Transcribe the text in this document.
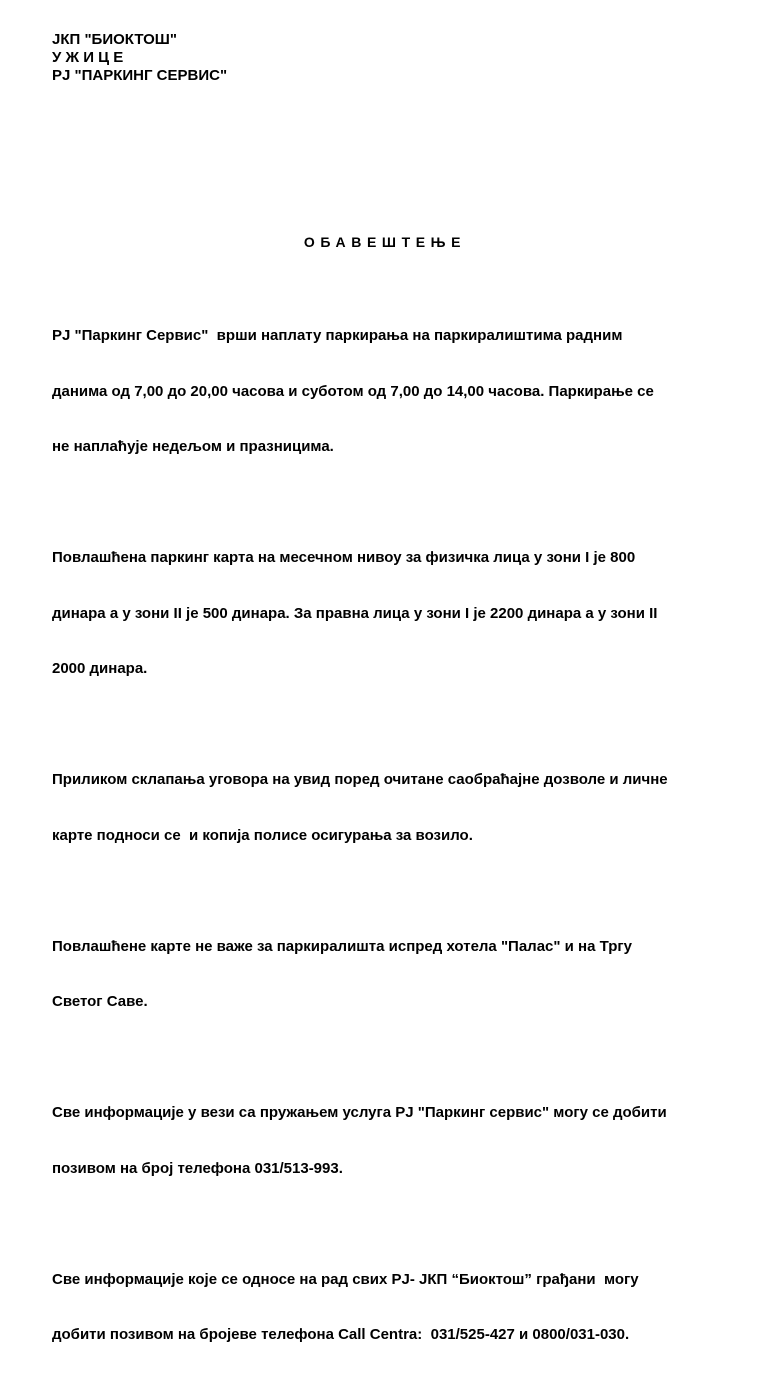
ЈКП "БИОКТОШ"
У Ж И Ц Е
РЈ "ПАРКИНГ СЕРВИС"
ОБАВЕШТЕЊЕ

РЈ "Паркинг Сервис"  врши наплату паркирања на паркиралиштима радним

данима од 7,00 до 20,00 часова и суботом од 7,00 до 14,00 часова. Паркирање се

не наплаћује недељом и празницима.

Повлашћена паркинг карта на месечном нивоу за физичка лица у зони I је 800

динара а у зони II је 500 динара. За правна лица у зони I је 2200 динара а у зони II

2000 динара.

Приликом склапања уговора на увид поред очитане саобраћајне дозволе и личне

карте подноси се  и копија полисе осигурања за возило.

Повлашћене карте не важе за паркиралишта испред хотела "Палас" и на Тргу

Светог Саве.

Све информације у вези са пружањем услуга РЈ "Паркинг сервис" могу се добити

позивом на број телефона 031/513-993.

Све информације које се односе на рад свих РЈ- ЈКП “Биоктош” грађани  могу

добити позивом на бројеве телефона Call Centra:  031/525-427 и 0800/031-030.
